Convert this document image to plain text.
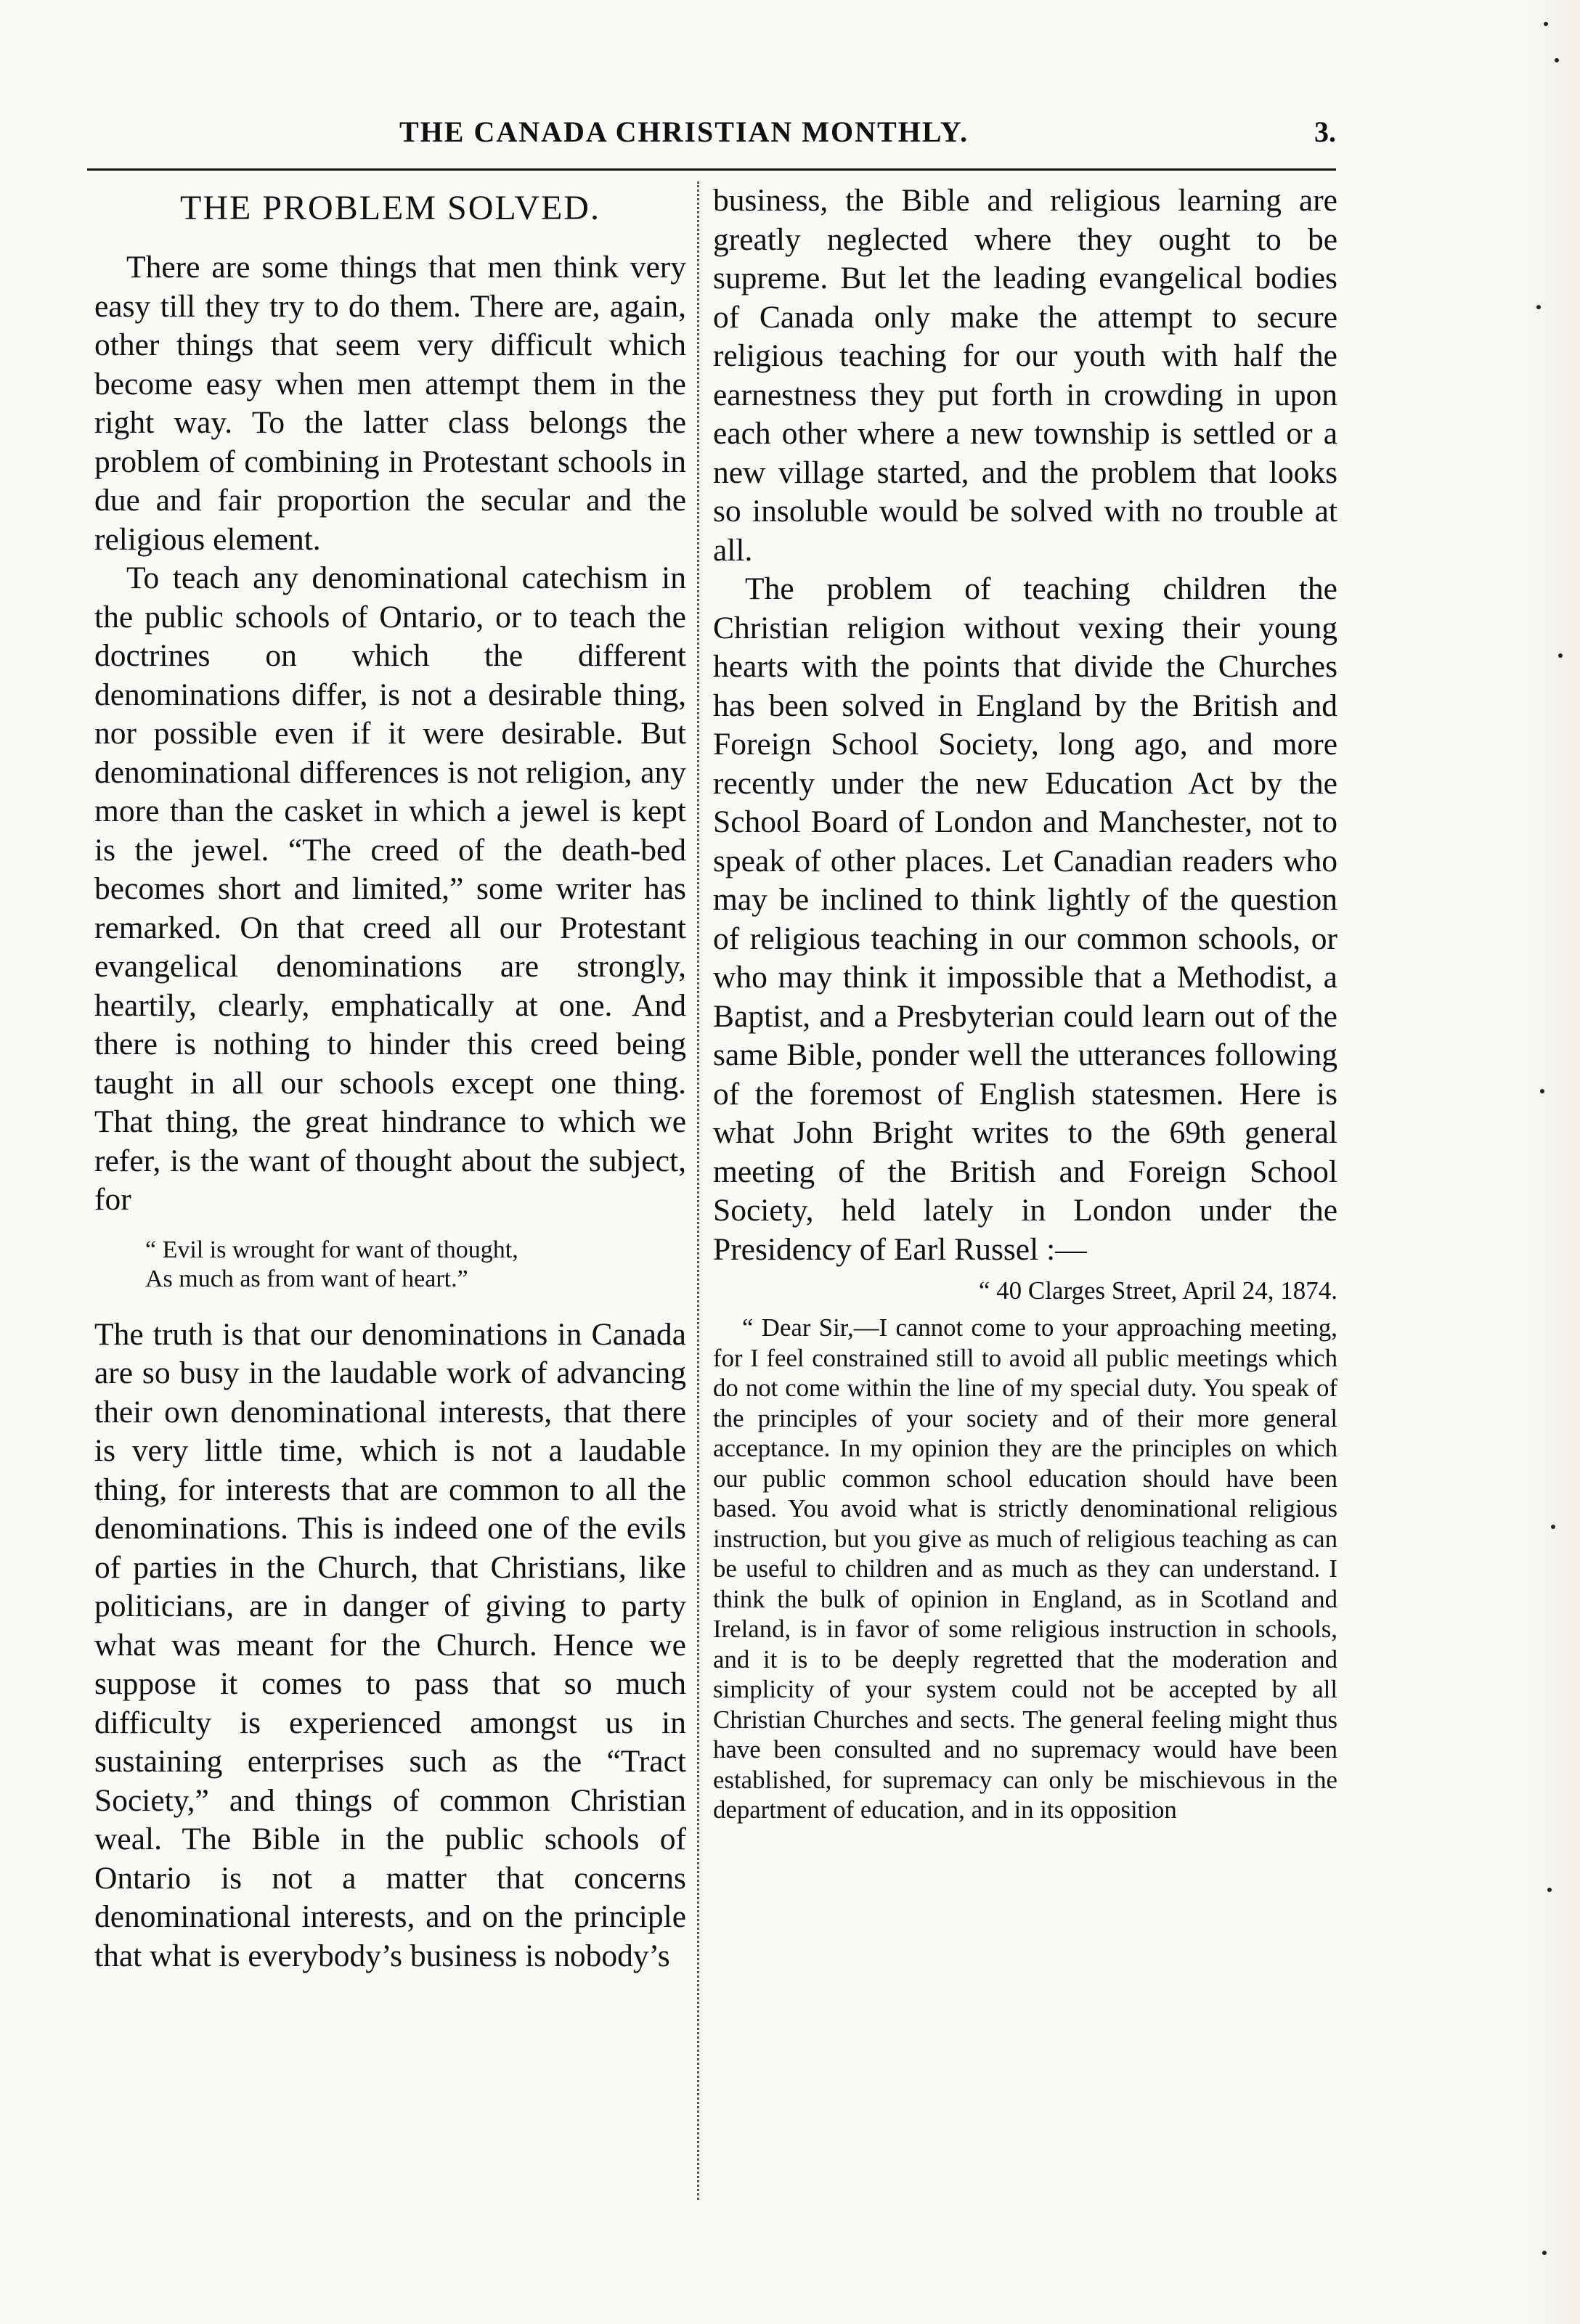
THE CANADA CHRISTIAN MONTHLY.	3.
THE PROBLEM SOLVED.

There are some things that men think very easy till they try to do them. There are, again, other things that seem very difficult which become easy when men attempt them in the right way. To the latter class belongs the problem of combining in Protestant schools in due and fair proportion the secular and the religious element.

To teach any denominational catechism in the public schools of Ontario, or to teach the doctrines on which the different denominations differ, is not a desirable thing, nor possible even if it were desirable. But denominational differences is not religion, any more than the casket in which a jewel is kept is the jewel. “The creed of the death-bed becomes short and limited,” some writer has remarked. On that creed all our Protestant evangelical denominations are strongly, heartily, clearly, emphatically at one. And there is nothing to hinder this creed being taught in all our schools except one thing. That thing, the great hindrance to which we refer, is the want of thought about the subject, for

“ Evil is wrought for want of thought,
As much as from want of heart.”

The truth is that our denominations in Canada are so busy in the laudable work of advancing their own denominational interests, that there is very little time, which is not a laudable thing, for interests that are common to all the denominations. This is indeed one of the evils of parties in the Church, that Christians, like politicians, are in danger of giving to party what was meant for the Church. Hence we suppose it comes to pass that so much difficulty is experienced amongst us in sustaining enterprises such as the “Tract Society,” and things of common Christian weal. The Bible in the public schools of Ontario is not a matter that concerns denominational interests, and on the principle that what is everybody’s business is nobody’s

business, the Bible and religious learning are greatly neglected where they ought to be supreme. But let the leading evangelical bodies of Canada only make the attempt to secure religious teaching for our youth with half the earnestness they put forth in crowding in upon each other where a new township is settled or a new village started, and the problem that looks so insoluble would be solved with no trouble at all.

The problem of teaching children the Christian religion without vexing their young hearts with the points that divide the Churches has been solved in England by the British and Foreign School Society, long ago, and more recently under the new Education Act by the School Board of London and Manchester, not to speak of other places. Let Canadian readers who may be inclined to think lightly of the question of religious teaching in our common schools, or who may think it impossible that a Methodist, a Baptist, and a Presbyterian could learn out of the same Bible, ponder well the utterances following of the foremost of English statesmen. Here is what John Bright writes to the 69th general meeting of the British and Foreign School Society, held lately in London under the Presidency of Earl Russel :—

“ 40 Clarges Street, April 24, 1874.

“ Dear Sir,—I cannot come to your approaching meeting, for I feel constrained still to avoid all public meetings which do not come within the line of my special duty. You speak of the principles of your society and of their more general acceptance. In my opinion they are the principles on which our public common school education should have been based. You avoid what is strictly denominational religious instruction, but you give as much of religious teaching as can be useful to children and as much as they can understand. I think the bulk of opinion in England, as in Scotland and Ireland, is in favor of some religious instruction in schools, and it is to be deeply regretted that the moderation and simplicity of your system could not be accepted by all Christian Churches and sects. The general feeling might thus have been consulted and no supremacy would have been established, for supremacy can only be mischievous in the department of education, and in its opposition
